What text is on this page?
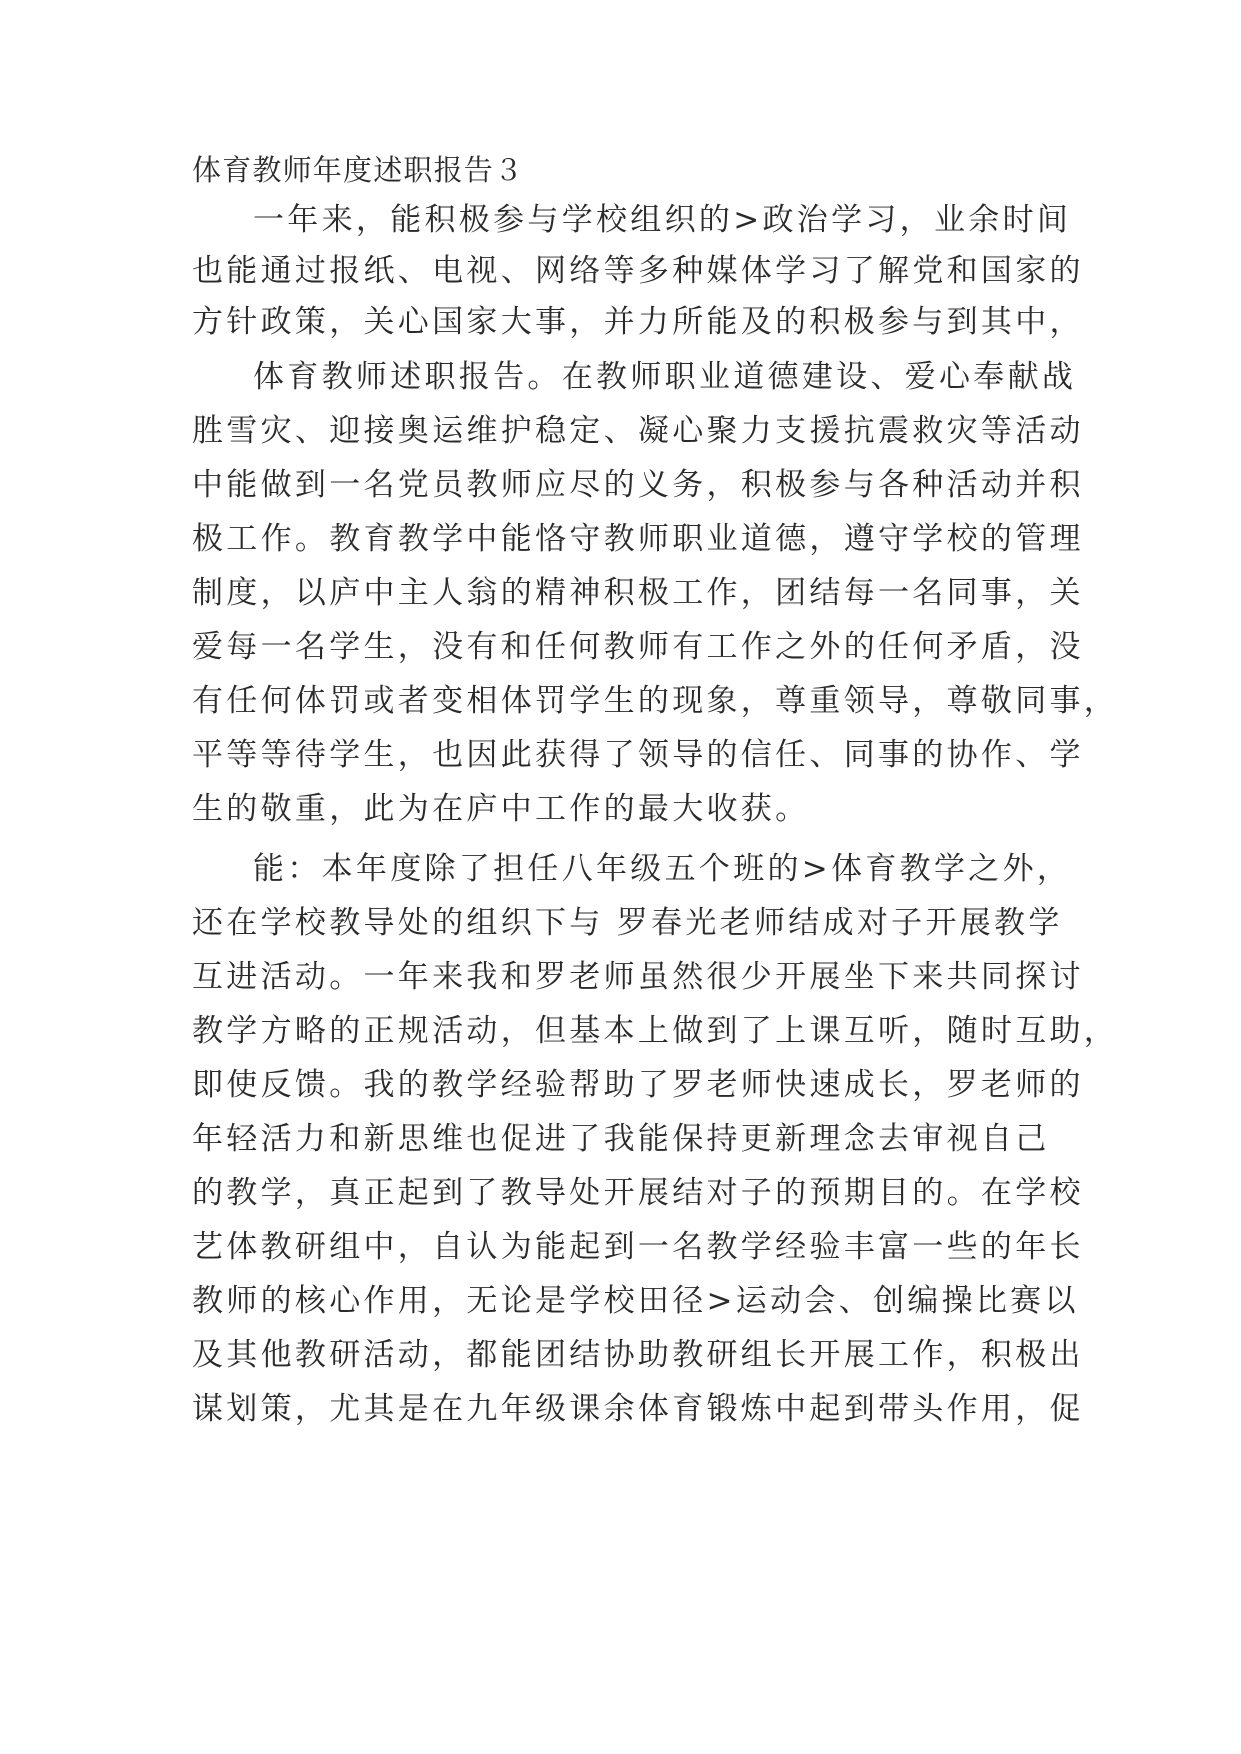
体育教师年度述职报告３
一年来，能积极参与学校组织的>政治学习，业余时间
也能通过报纸、电视、网络等多种媒体学习了解党和国家的
方针政策，关心国家大事，并力所能及的积极参与到其中，
体育教师述职报告。在教师职业道德建设、爱心奉献战
胜雪灾、迎接奥运维护稳定、凝心聚力支援抗震救灾等活动
中能做到一名党员教师应尽的义务，积极参与各种活动并积
极工作。教育教学中能恪守教师职业道德，遵守学校的管理
制度，以庐中主人翁的精神积极工作，团结每一名同事，关
爱每一名学生，没有和任何教师有工作之外的任何矛盾，没
有任何体罚或者变相体罚学生的现象，尊重领导，尊敬同事，
平等等待学生，也因此获得了领导的信任、同事的协作、学
生的敬重，此为在庐中工作的最大收获。
能：本年度除了担任八年级五个班的>体育教学之外，
还在学校教导处的组织下与 罗春光老师结成对子开展教学
互进活动。一年来我和罗老师虽然很少开展坐下来共同探讨
教学方略的正规活动，但基本上做到了上课互听，随时互助，
即使反馈。我的教学经验帮助了罗老师快速成长，罗老师的
年轻活力和新思维也促进了我能保持更新理念去审视自己
的教学，真正起到了教导处开展结对子的预期目的。在学校
艺体教研组中，自认为能起到一名教学经验丰富一些的年长
教师的核心作用，无论是学校田径>运动会、创编操比赛以
及其他教研活动，都能团结协助教研组长开展工作，积极出
谋划策，尤其是在九年级课余体育锻炼中起到带头作用，促
